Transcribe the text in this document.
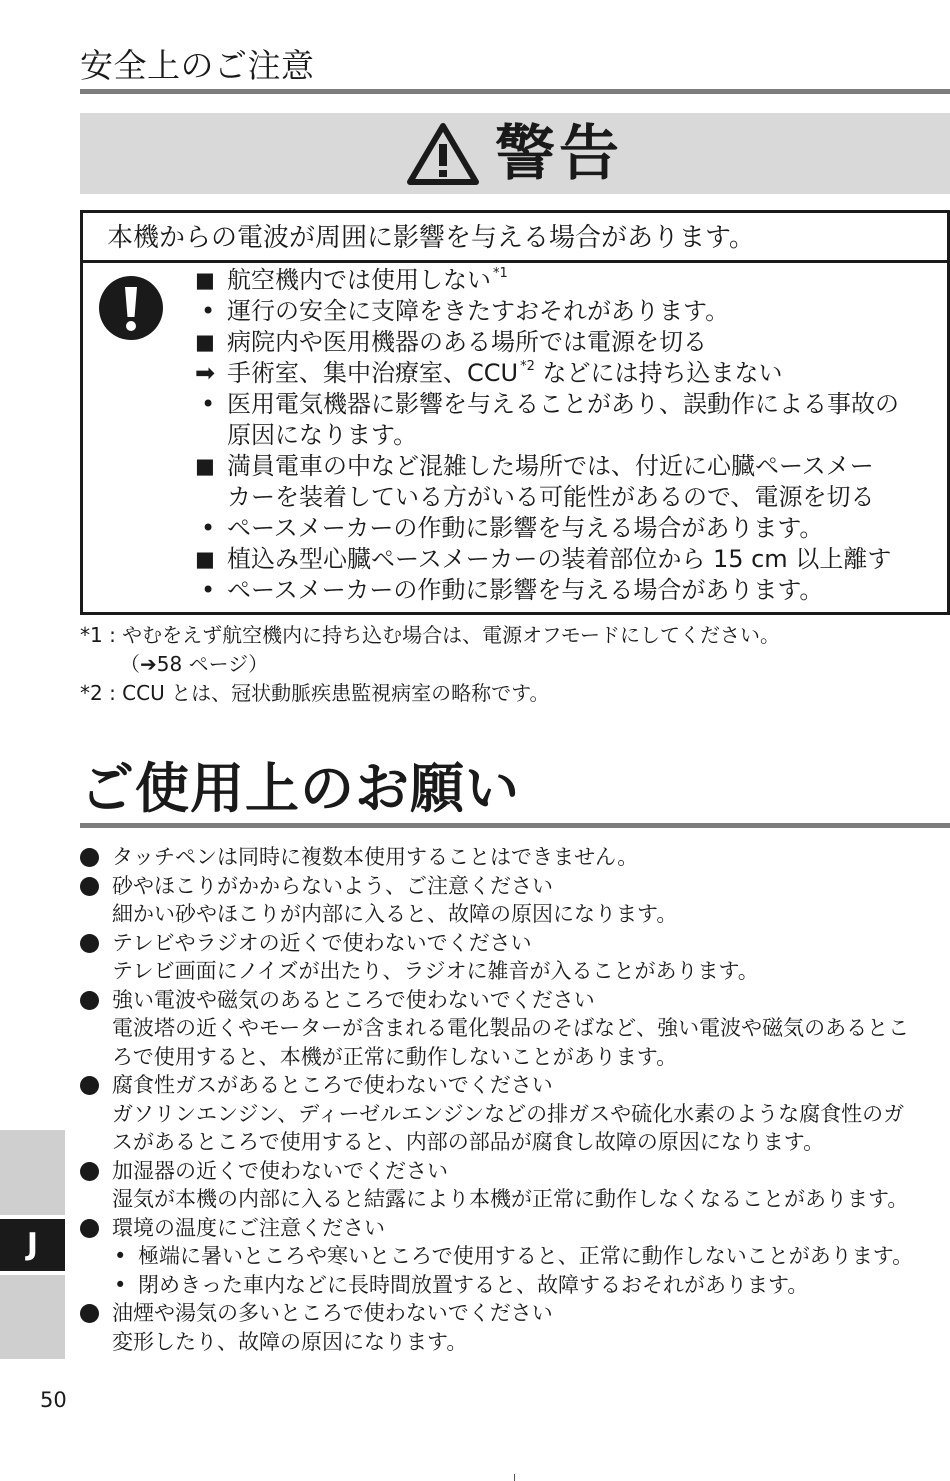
安全上のご注意
警告
本機からの電波が周囲に影響を与える場合があります。
■ 航空機内では使用しない $^{*1}$
• 運行の安全に支障をきたすおそれがあります。
■ 病院内や医用機器のある場所では電源を切る
➡ 手術室、集中治療室、CCU $^{*2}$ などには持ち込まない
• 医用電気機器に影響を与えることがあり、誤動作による事故の
原因になります。
■ 満員電車の中など混雑した場所では、付近に心臓ペースメー
カーを装着している方がいる可能性があるので、電源を切る
• ペースメーカーの作動に影響を与える場合があります。
■ 植込み型心臓ペースメーカーの装着部位から 15 cm 以上離す
• ペースメーカーの作動に影響を与える場合があります。
*1 : やむをえず航空機内に持ち込む場合は、電源オフモードにしてください。
（➔58 ページ）
*2 : CCU とは、冠状動脈疾患監視病室の略称です。
ご使用上のお願い
タッチペンは同時に複数本使用することはできません。
砂やほこりがかからないよう、ご注意ください
細かい砂やほこりが内部に入ると、故障の原因になります。
テレビやラジオの近くで使わないでください
テレビ画面にノイズが出たり、ラジオに雑音が入ることがあります。
強い電波や磁気のあるところで使わないでください
電波塔の近くやモーターが含まれる電化製品のそばなど、強い電波や磁気のあるとこ
ろで使用すると、本機が正常に動作しないことがあります。
腐食性ガスがあるところで使わないでください
ガソリンエンジン、ディーゼルエンジンなどの排ガスや硫化水素のような腐食性のガ
スがあるところで使用すると、内部の部品が腐食し故障の原因になります。
加湿器の近くで使わないでください
湿気が本機の内部に入ると結露により本機が正常に動作しなくなることがあります。
環境の温度にご注意ください
• 極端に暑いところや寒いところで使用すると、正常に動作しないことがあります。
• 閉めきった車内などに長時間放置すると、故障するおそれがあります。
油煙や湯気の多いところで使わないでください
変形したり、故障の原因になります。
J
50
